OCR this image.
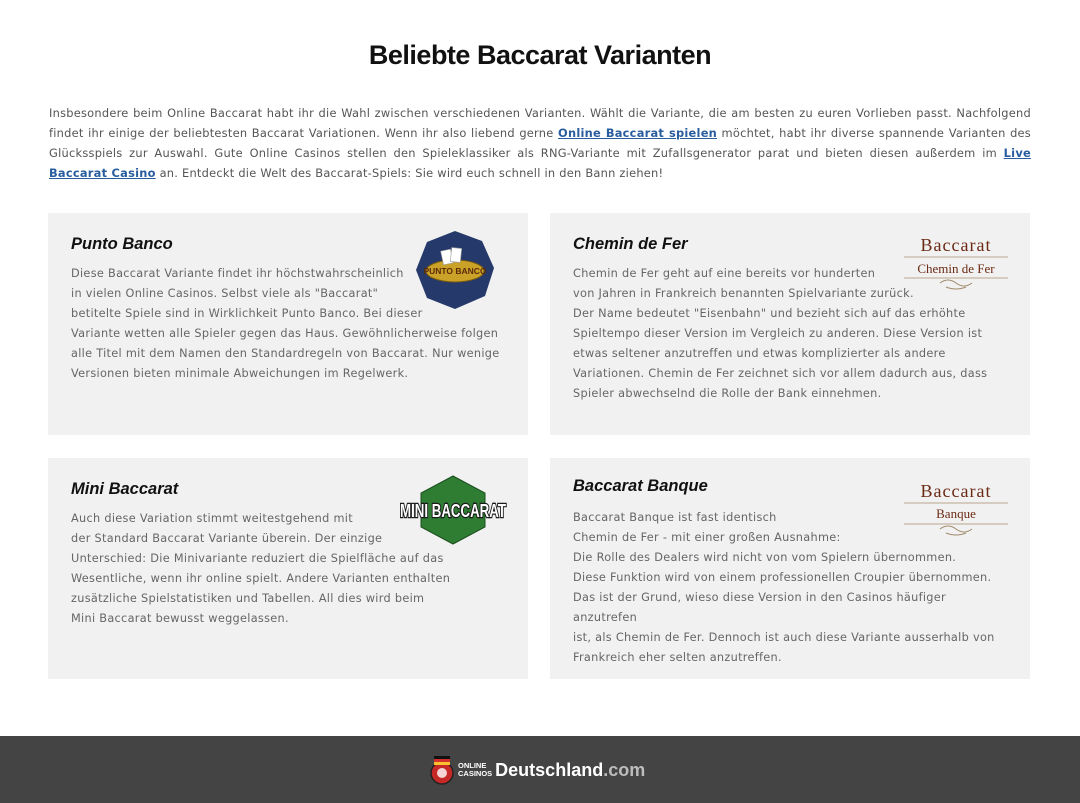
Beliebte Baccarat Varianten
Insbesondere beim Online Baccarat habt ihr die Wahl zwischen verschiedenen Varianten. Wählt die Variante, die am besten zu euren Vorlieben passt. Nachfolgend findet ihr einige der beliebtesten Baccarat Variationen. Wenn ihr also liebend gerne Online Baccarat spielen möchtet, habt ihr diverse spannende Varianten des Glücksspiels zur Auswahl. Gute Online Casinos stellen den Spieleklassiker als RNG-Variante mit Zufallsgenerator parat und bieten diesen außerdem im Live Baccarat Casino an. Entdeckt die Welt des Baccarat-Spiels: Sie wird euch schnell in den Bann ziehen!
Punto Banco

Diese Baccarat Variante findet ihr höchstwahrscheinlich
in vielen Online Casinos. Selbst viele als "Baccarat"
betitelte Spiele sind in Wirklichkeit Punto Banco. Bei dieser
Variante wetten alle Spieler gegen das Haus. Gewöhnlicherweise folgen
alle Titel mit dem Namen den Standardregeln von Baccarat. Nur wenige
Versionen bieten minimale Abweichungen im Regelwerk.

PUNTO BANCO
Chemin de Fer

Chemin de Fer geht auf eine bereits vor hunderten
von Jahren in Frankreich benannten Spielvariante zurück.
Der Name bedeutet "Eisenbahn" und bezieht sich auf das erhöhte
Spieltempo dieser Version im Vergleich zu anderen. Diese Version ist
etwas seltener anzutreffen und etwas komplizierter als andere
Variationen. Chemin de Fer zeichnet sich vor allem dadurch aus, dass
Spieler abwechselnd die Rolle der Bank einnehmen.

Baccarat
Chemin de Fer
Mini Baccarat

Auch diese Variation stimmt weitestgehend mit
der Standard Baccarat Variante überein. Der einzige
Unterschied: Die Minivariante reduziert die Spielfläche auf das
Wesentliche, wenn ihr online spielt. Andere Varianten enthalten
zusätzliche Spielstatistiken und Tabellen. All dies wird beim
Mini Baccarat bewusst weggelassen.

MINI BACCARAT
Baccarat Banque

Baccarat Banque ist fast identisch
Chemin de Fer - mit einer großen Ausnahme:
Die Rolle des Dealers wird nicht von vom Spielern übernommen.
Diese Funktion wird von einem professionellen Croupier übernommen.
Das ist der Grund, wieso diese Version in den Casinos häufiger anzutrefen
ist, als Chemin de Fer. Dennoch ist auch diese Variante ausserhalb von
Frankreich eher selten anzutreffen.

Baccarat
Banque
ONLINE
CASINOS Deutschland .com
